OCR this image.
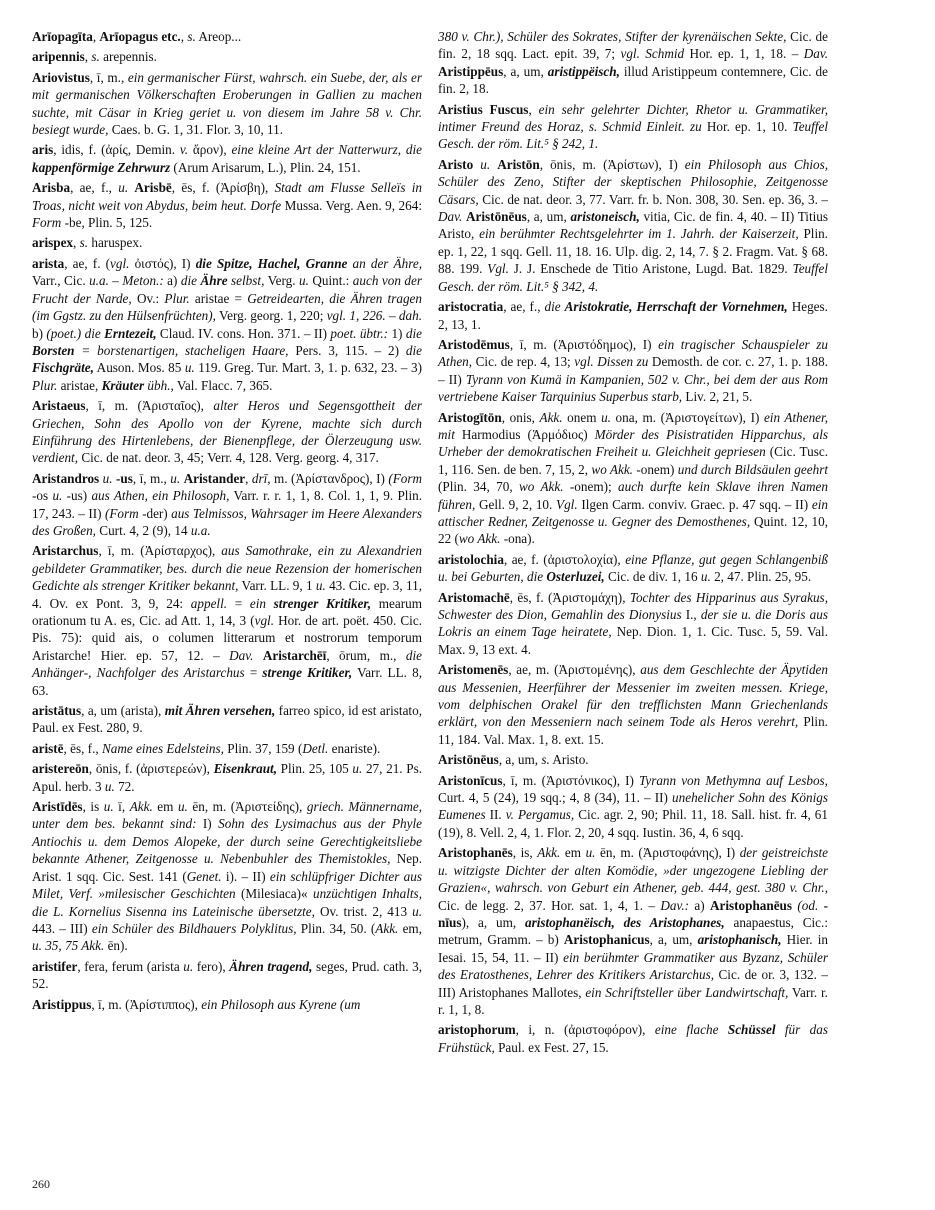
Arīopagīta, Arīopagus etc., s. Areop...

aripennis, s. arepennis.

Ariovistus, ī, m., ein germanischer Fürst, wahrsch. ein Suebe, der, als er mit germanischen Völkerschaften Eroberungen in Gallien zu machen suchte, mit Cäsar in Krieg geriet u. von diesem im Jahre 58 v. Chr. besiegt wurde, Caes. b. G. 1, 31. Flor. 3, 10, 11.

aris, idis, f. (ἀρίς, Demin. v. ἄρον), eine kleine Art der Natterwurz, die kappenförmige Zehrwurz (Arum Arisarum, L.), Plin. 24, 151.

Arisba, ae, f., u. Arisbē, ēs, f. (Ἀρίσβη), Stadt am Flusse Selleïs in Troas, nicht weit von Abydus, beim heut. Dorfe Mussa. Verg. Aen. 9, 264: Form -be, Plin. 5, 125.

arispex, s. haruspex.

arista, ae, f. (vgl. ὀιστός), I) die Spitze, Hachel, Granne an der Ähre, Varr., Cic. u.a. – Meton.: a) die Ähre selbst, Verg. u. Quint.: auch von der Frucht der Narde, Ov.: Plur. aristae = Getreidearten, die Ähren tragen (im Ggstz. zu den Hülsenfrüchten), Verg. georg. 1, 220; vgl. 1, 226. – dah. b) (poet.) die Erntezeit, Claud. IV. cons. Hon. 371. – II) poet. übtr.: 1) die Borsten = borstenartigen, stacheligen Haare, Pers. 3, 115. – 2) die Fischgräte, Auson. Mos. 85 u. 119. Greg. Tur. Mart. 3, 1. p. 632, 23. – 3) Plur. aristae, Kräuter übh., Val. Flacc. 7, 365.

Aristaeus, ī, m. (Ἀρισταῖος), alter Heros und Segensgottheit der Griechen, Sohn des Apollo von der Kyrene, machte sich durch Einführung des Hirtenlebens, der Bienenpflege, der Ölerzeugung usw. verdient, Cic. de nat. deor. 3, 45; Verr. 4, 128. Verg. georg. 4, 317.

Aristandros u. -us, ī, m., u. Aristander, drī, m. (Ἀρίστανδρος), I) (Form -os u. -us) aus Athen, ein Philosoph, Varr. r. r. 1, 1, 8. Col. 1, 1, 9. Plin. 17, 243. – II) (Form -der) aus Telmissos, Wahrsager im Heere Alexanders des Großen, Curt. 4, 2 (9), 14 u.a.

Aristarchus, ī, m. (Ἀρίσταρχος), aus Samothrake, ein zu Alexandrien gebildeter Grammatiker, bes. durch die neue Rezension der homerischen Gedichte als strenger Kritiker bekannt, Varr. LL. 9, 1 u. 43. Cic. ep. 3, 11, 4. Ov. ex Pont. 3, 9, 24: appell. = ein strenger Kritiker, mearum orationum tu A. es, Cic. ad Att. 1, 14, 3 (vgl. Hor. de art. poët. 450. Cic. Pis. 75): quid ais, o columen litterarum et nostrorum temporum Aristarche! Hier. ep. 57, 12. – Dav. Aristarchēī, ōrum, m., die Anhänger-, Nachfolger des Aristarchus = strenge Kritiker, Varr. LL. 8, 63.

aristātus, a, um (arista), mit Ähren versehen, farreo spico, id est aristato, Paul. ex Fest. 280, 9.

aristē, ēs, f., Name eines Edelsteins, Plin. 37, 159 (Detl. enariste).

aristereōn, ōnis, f. (ἀριστερεών), Eisenkraut, Plin. 25, 105 u. 27, 21. Ps. Apul. herb. 3 u. 72.

Aristīdēs, is u. ī, Akk. em u. ēn, m. (Ἀριστείδης), griech. Männername, unter dem bes. bekannt sind: I) Sohn des Lysimachus aus der Phyle Antiochis u. dem Demos Alopeke, der durch seine Gerechtigkeitsliebe bekannte Athener, Zeitgenosse u. Nebenbuhler des Themistokles, Nep. Arist. 1 sqq. Cic. Sest. 141 (Genet. i). – II) ein schlüpfriger Dichter aus Milet, Verf. »milesischer Geschichten (Milesiaca)« unzüchtigen Inhalts, die L. Kornelius Sisenna ins Lateinische übersetzte, Ov. trist. 2, 413 u. 443. – III) ein Schüler des Bildhauers Polyklitus, Plin. 34, 50. (Akk. em, u. 35, 75 Akk. ēn).

aristifer, fera, ferum (arista u. fero), Ähren tragend, seges, Prud. cath. 3, 52.

Aristippus, ī, m. (Ἀρίστιππος), ein Philosoph aus Kyrene (um

380 v. Chr.), Schüler des Sokrates, Stifter der kyrenäischen Sekte, Cic. de fin. 2, 18 sqq. Lact. epit. 39, 7; vgl. Schmid Hor. ep. 1, 1, 18. – Dav. Aristippēus, a, um, aristippëisch, illud Aristippeum contemnere, Cic. de fin. 2, 18.

Aristius Fuscus, ein sehr gelehrter Dichter, Rhetor u. Grammatiker, intimer Freund des Horaz, s. Schmid Einleit. zu Hor. ep. 1, 10. Teuffel Gesch. der röm. Lit.⁵ § 242, 1.

Aristo u. Aristōn, ōnis, m. (Ἀρίστων), I) ein Philosoph aus Chios, Schüler des Zeno, Stifter der skeptischen Philosophie, Zeitgenosse Cäsars, Cic. de nat. deor. 3, 77. Varr. fr. b. Non. 308, 30. Sen. ep. 36, 3. – Dav. Aristōnēus, a, um, aristoneisch, vitia, Cic. de fin. 4, 40. – II) Titius Aristo, ein berühmter Rechtsgelehrter im 1. Jahrh. der Kaiserzeit, Plin. ep. 1, 22, 1 sqq. Gell. 11, 18. 16. Ulp. dig. 2, 14, 7. § 2. Fragm. Vat. § 68. 88. 199. Vgl. J. J. Enschede de Titio Aristone, Lugd. Bat. 1829. Teuffel Gesch. der röm. Lit.⁵ § 342, 4.

aristocratia, ae, f., die Aristokratie, Herrschaft der Vornehmen, Heges. 2, 13, 1.

Aristodēmus, ī, m. (Ἀριστόδημος), I) ein tragischer Schauspieler zu Athen, Cic. de rep. 4, 13; vgl. Dissen zu Demosth. de cor. c. 27, 1. p. 188. – II) Tyrann von Kumä in Kampanien, 502 v. Chr., bei dem der aus Rom vertriebene Kaiser Tarquinius Superbus starb, Liv. 2, 21, 5.

Aristogītōn, onis, Akk. onem u. ona, m. (Ἀριστογείτων), I) ein Athener, mit Harmodius (Ἁρμόδιος) Mörder des Pisistratiden Hipparchus, als Urheber der demokratischen Freiheit u. Gleichheit gepriesen (Cic. Tusc. 1, 116. Sen. de ben. 7, 15, 2, wo Akk. -onem) und durch Bildsäulen geehrt (Plin. 34, 70, wo Akk. -onem); auch durfte kein Sklave ihren Namen führen, Gell. 9, 2, 10. Vgl. Ilgen Carm. conviv. Graec. p. 47 sqq. – II) ein attischer Redner, Zeitgenosse u. Gegner des Demosthenes, Quint. 12, 10, 22 (wo Akk. -ona).

aristolochia, ae, f. (ἀριστολοχία), eine Pflanze, gut gegen Schlangenbiß u. bei Geburten, die Osterluzei, Cic. de div. 1, 16 u. 2, 47. Plin. 25, 95.

Aristomachē, ēs, f. (Ἀριστομάχη), Tochter des Hipparinus aus Syrakus, Schwester des Dion, Gemahlin des Dionysius I., der sie u. die Doris aus Lokris an einem Tage heiratete, Nep. Dion. 1, 1. Cic. Tusc. 5, 59. Val. Max. 9, 13 ext. 4.

Aristomenēs, ae, m. (Ἀριστομένης), aus dem Geschlechte der Äpytiden aus Messenien, Heerführer der Messenier im zweiten messen. Kriege, vom delphischen Orakel für den trefflichsten Mann Griechenlands erklärt, von den Messeniern nach seinem Tode als Heros verehrt, Plin. 11, 184. Val. Max. 1, 8. ext. 15.

Aristōnēus, a, um, s. Aristo.

Aristonīcus, ī, m. (Ἀριστόνικος), I) Tyrann von Methymna auf Lesbos, Curt. 4, 5 (24), 19 sqq.; 4, 8 (34), 11. – II) unehelicher Sohn des Königs Eumenes II. v. Pergamus, Cic. agr. 2, 90; Phil. 11, 18. Sall. hist. fr. 4, 61 (19), 8. Vell. 2, 4, 1. Flor. 2, 20, 4 sqq. Iustin. 36, 4, 6 sqq.

Aristophanēs, is, Akk. em u. ēn, m. (Ἀριστοφάνης), I) der geistreichste u. witzigste Dichter der alten Komödie, »der ungezogene Liebling der Grazien«, wahrsch. von Geburt ein Athener, geb. 444, gest. 380 v. Chr., Cic. de legg. 2, 37. Hor. sat. 1, 4, 1. – Dav.: a) Aristophanēus (od. -nīus), a, um, aristophanëisch, des Aristophanes, anapaestus, Cic.: metrum, Gramm. – b) Aristophanicus, a, um, aristophanisch, Hier. in Iesai. 15, 54, 11. – II) ein berühmter Grammatiker aus Byzanz, Schüler des Eratosthenes, Lehrer des Kritikers Aristarchus, Cic. de or. 3, 132. – III) Aristophanes Mallotes, ein Schriftsteller über Landwirtschaft, Varr. r. r. 1, 1, 8.

aristophorum, i, n. (ἀριστοφόρον), eine flache Schüssel für das Frühstück, Paul. ex Fest. 27, 15.

260
